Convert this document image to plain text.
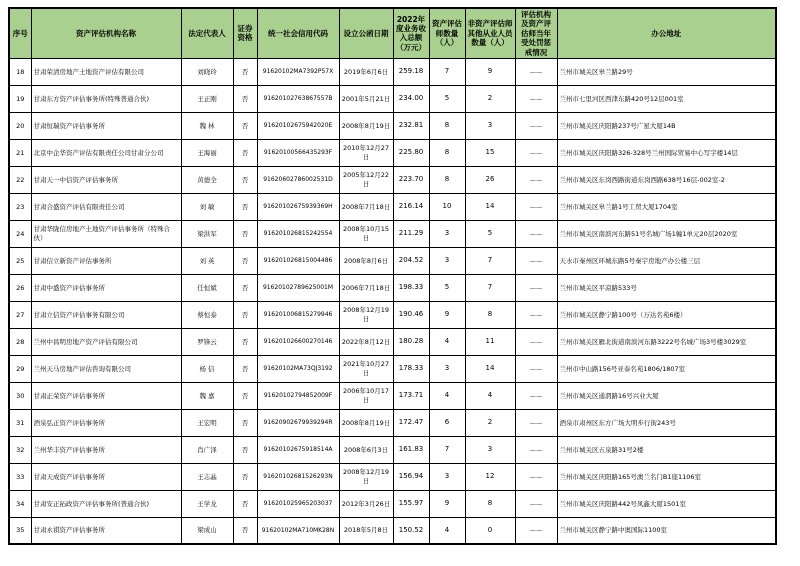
序号	资产评估机构名称	法定代表人	证券资格	统一社会信用代码	设立公函日期	2022年度业务收入总额（万元）	资产评估师数量（人）	非资产评估师其他从业人员数量（人）	评估机构及资产评估师当年受处罚惩戒情况	办公地址
18	甘肃荣清房地产土地资产评估有限公司	刘晓玲	否	91620102MA7392P57X	2019年6月6日	259.18	7	9	——	兰州市城关区皋兰路29号
19	甘肃东方资产评估事务所(特殊普通合伙)	王正刚	否	91620102763867557B	2001年5月21日	234.00	5	2	——	兰州市七里河区西津东路420号12层001室
20	甘肃恒瑞资产评估事务所	魏 林	否	91620102675942020E	2008年8月19日	232.81	8	3	——	兰州市城关区庆阳路237号广星大厦14B
21	北京中企华资产评估有限责任公司甘肃分公司	王海丽	否	91620100566435293F	2010年12月27日	225.80	8	15	——	兰州市城关区庆阳路326-328号兰州国际贸易中心写字楼14层
22	甘肃天一中信资产评估事务所	黄德全	否	91620602786002531D	2005年12月22日	223.70	8	26	——	兰州市城关区东岗西路街道东岗西路638号16层-002室-2
23	甘肃合盛资产评估有限责任公司	刘 敏	否	91620102675939369H	2008年7月18日	216.14	10	14	——	兰州市城关区皋兰路1号工贸大厦1704室
24	甘肃华陇信房地产土地资产评估事务所（特殊合伙）	梁洪军	否	916201026815242554	2008年10月15日	211.29	3	5	——	兰州市城关区南滨河东路51号名城广场1幢1单元20层2020室
25	甘肃信立新资产评估事务所	刘 英	否	916201026815004486	2008年8月6日	204.52	3	7	——	天水市秦州区环城东路5号秦宇房地产办公楼三层
26	甘肃中盛资产评估事务所	任恒斌	否	91620102789625001M	2006年7月18日	198.33	5	7	——	兰州市城关区平凉路533号
27	甘肃立信资产评估事务有限公司	蔡恒泰	否	916201006815279946	2008年12月19日	190.46	9	8	——	兰州市城关区静宁路100号（万达名苑6楼）
28	兰州中昌明房地产资产评估有限公司	罗锋云	否	916201026600270146	2022年8月12日	180.28	4	11	——	兰州市城关区雁北街道南滨河东路3222号名城广场3号楼3029室
29	兰州天马房地产评估咨询有限公司	杨 信	否	91620102MA73QJ3192	2021年10月27日	178.33	3	14	——	兰州市中山路156号亚泰名苑1806/1807室
30	甘肃正荣资产评估事务所	魏 嘉	否	91620102794852009F	2006年10月17日	173.71	4	4	——	兰州市城关区通渭路16号兴业大厦
31	酒泉弘正资产评估事务所	王宏明	否	91620902679939294R	2008年8月19日	172.47	6	2	——	酒泉市肃州区东方广场大明步行街243号
32	兰州华丰资产评估事务所	肖广泽	否	91620102675918514A	2008年6月3日	161.83	7	3	——	兰州市城关区五泉路31号2楼
33	甘肃天成资产评估事务所	王志晶	否	91620102681526293N	2008年12月19日	156.94	3	12	——	兰州市城关区庆阳路165号澳兰名门B1座1106室
34	甘肃安正拓政资产评估事务所(普通合伙)	王学龙	否	916201025965203037	2012年3月26日	155.97	9	8	——	兰州市城关区庆阳路442号凤鑫大厦1501室
35	甘肃永祺资产评估事务所	梁成山	否	91620102MA710MK28N	2018年5月8日	150.52	4	0	——	兰州市城关区静宁路中奥国际1100室
